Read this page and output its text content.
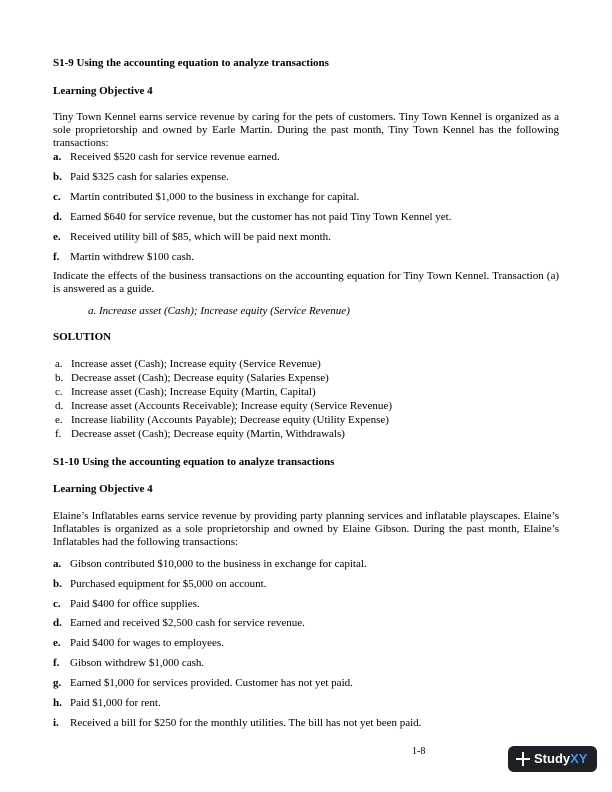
S1-9 Using the accounting equation to analyze transactions
Learning Objective 4
Tiny Town Kennel earns service revenue by caring for the pets of customers. Tiny Town Kennel is organized as a sole proprietorship and owned by Earle Martin. During the past month, Tiny Town Kennel has the following transactions:
a. Received $520 cash for service revenue earned.
b. Paid $325 cash for salaries expense.
c. Martin contributed $1,000 to the business in exchange for capital.
d. Earned $640 for service revenue, but the customer has not paid Tiny Town Kennel yet.
e. Received utility bill of $85, which will be paid next month.
f. Martin withdrew $100 cash.
Indicate the effects of the business transactions on the accounting equation for Tiny Town Kennel. Transaction (a) is answered as a guide.
a. Increase asset (Cash); Increase equity (Service Revenue)
SOLUTION
a. Increase asset (Cash); Increase equity (Service Revenue)
b. Decrease asset (Cash); Decrease equity (Salaries Expense)
c. Increase asset (Cash); Increase Equity (Martin, Capital)
d. Increase asset (Accounts Receivable); Increase equity (Service Revenue)
e. Increase liability (Accounts Payable); Decrease equity (Utility Expense)
f. Decrease asset (Cash); Decrease equity (Martin, Withdrawals)
S1-10 Using the accounting equation to analyze transactions
Learning Objective 4
Elaine’s Inflatables earns service revenue by providing party planning services and inflatable playscapes. Elaine’s Inflatables is organized as a sole proprietorship and owned by Elaine Gibson. During the past month, Elaine’s Inflatables had the following transactions:
a. Gibson contributed $10,000 to the business in exchange for capital.
b. Purchased equipment for $5,000 on account.
c. Paid $400 for office supplies.
d. Earned and received $2,500 cash for service revenue.
e. Paid $400 for wages to employees.
f. Gibson withdrew $1,000 cash.
g. Earned $1,000 for services provided. Customer has not yet paid.
h. Paid $1,000 for rent.
i. Received a bill for $250 for the monthly utilities. The bill has not yet been paid.
1-8	StudyXY
